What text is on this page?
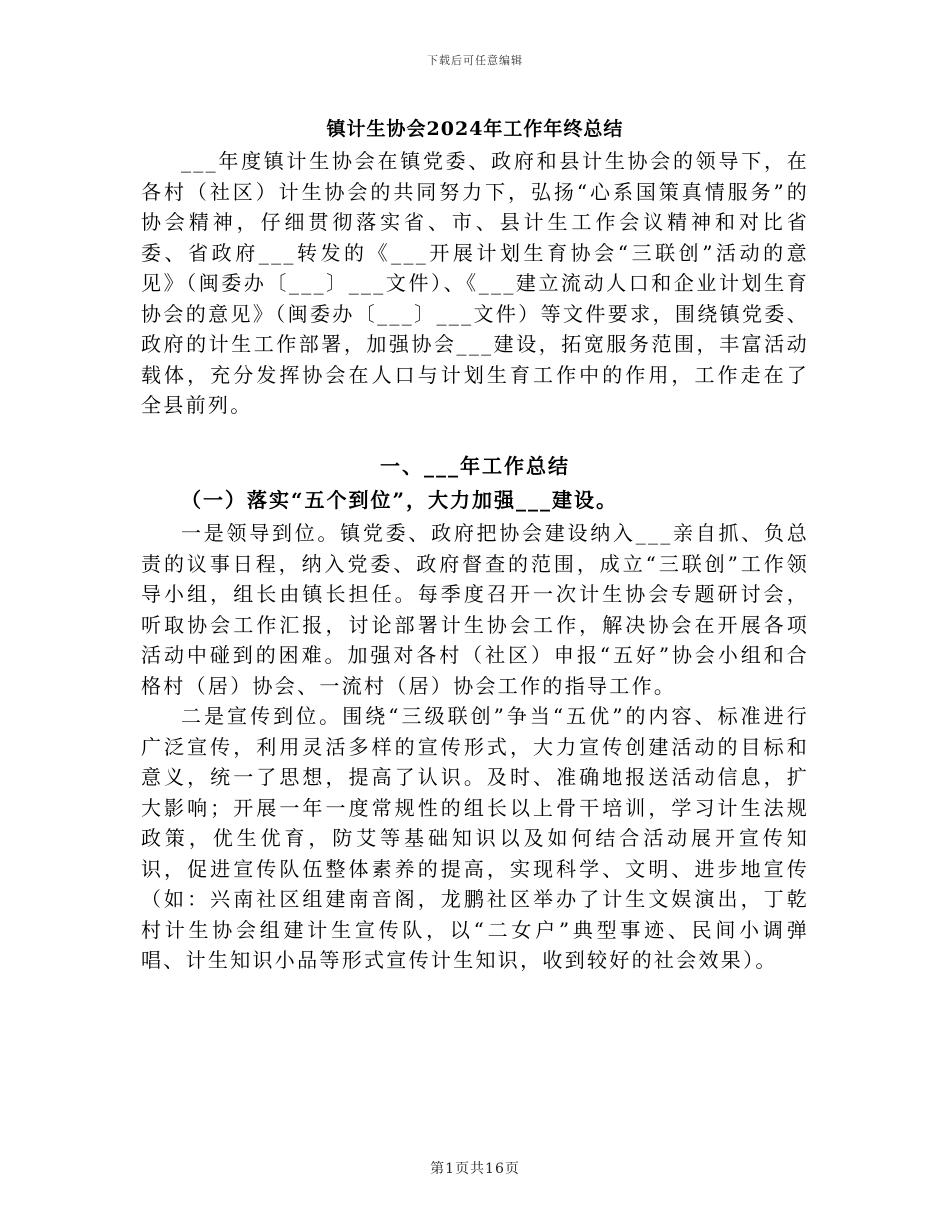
下载后可任意编辑
镇计生协会2024年工作年终总结

___年度镇计生协会在镇党委、政府和县计生协会的领导下，在各村（社区）计生协会的共同努力下，弘扬“心系国策真情服务”的协会精神，仔细贯彻落实省、市、县计生工作会议精神和对比省委、省政府___转发的《___开展计划生育协会“三联创”活动的意见》（闽委办〔___〕___文件）、《___建立流动人口和企业计划生育协会的意见》（闽委办〔___〕___文件）等文件要求，围绕镇党委、政府的计生工作部署，加强协会___建设，拓宽服务范围，丰富活动载体，充分发挥协会在人口与计划生育工作中的作用，工作走在了全县前列。

一、___年工作总结
（一）落实“五个到位”，大力加强___建设。

一是领导到位。镇党委、政府把协会建设纳入___亲自抓、负总责的议事日程，纳入党委、政府督查的范围，成立“三联创”工作领导小组，组长由镇长担任。每季度召开一次计生协会专题研讨会，听取协会工作汇报，讨论部署计生协会工作，解决协会在开展各项活动中碰到的困难。加强对各村（社区）申报“五好”协会小组和合格村（居）协会、一流村（居）协会工作的指导工作。

二是宣传到位。围绕“三级联创”争当“五优”的内容、标准进行广泛宣传，利用灵活多样的宣传形式，大力宣传创建活动的目标和意义，统一了思想，提高了认识。及时、准确地报送活动信息，扩大影响；开展一年一度常规性的组长以上骨干培训，学习计生法规政策，优生优育，防艾等基础知识以及如何结合活动展开宣传知识，促进宣传队伍整体素养的提高，实现科学、文明、进步地宣传（如：兴南社区组建南音阁，龙鹏社区举办了计生文娱演出，丁乾村计生协会组建计生宣传队，以“二女户”典型事迹、民间小调弹唱、计生知识小品等形式宣传计生知识，收到较好的社会效果）。

第1页共16页
